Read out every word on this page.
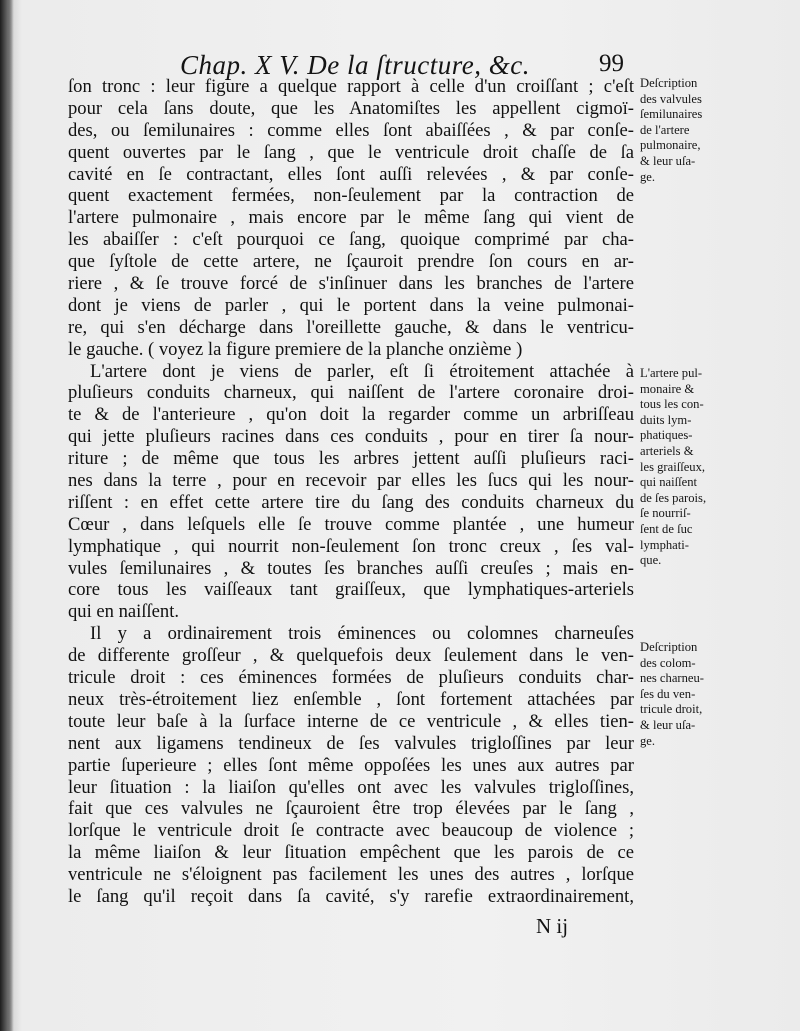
Chap. X V. De la ſtructure, &c.	99
ſon tronc : leur figure a quelque rapport à celle d'un croiſſant ; c'eſt
pour cela ſans doute, que les Anatomiſtes les appellent cigmoï-
des, ou ſemilunaires : comme elles ſont abaiſſées , & par conſe-
quent ouvertes par le ſang , que le ventricule droit chaſſe de ſa
cavité en ſe contractant, elles ſont auſſi relevées , & par conſe-
quent exactement fermées, non-ſeulement par la contraction de
l'artere pulmonaire , mais encore par le même ſang qui vient de
les abaiſſer : c'eſt pourquoi ce ſang, quoique comprimé par cha-
que ſyſtole de cette artere, ne ſçauroit prendre ſon cours en ar-
riere , & ſe trouve forcé de s'inſinuer dans les branches de l'artere
dont je viens de parler , qui le portent dans la veine pulmonai-
re, qui s'en décharge dans l'oreillette gauche, & dans le ventricu-
le gauche. ( voyez la figure premiere de la planche onzième )
L'artere dont je viens de parler, eſt ſi étroitement attachée à
pluſieurs conduits charneux, qui naiſſent de l'artere coronaire droi-
te & de l'anterieure , qu'on doit la regarder comme un arbriſſeau
qui jette pluſieurs racines dans ces conduits , pour en tirer ſa nour-
riture ; de même que tous les arbres jettent auſſi pluſieurs raci-
nes dans la terre , pour en recevoir par elles les ſucs qui les nour-
riſſent : en effet cette artere tire du ſang des conduits charneux du
Cœur , dans leſquels elle ſe trouve comme plantée , une humeur
lymphatique , qui nourrit non-ſeulement ſon tronc creux , ſes val-
vules ſemilunaires , & toutes ſes branches auſſi creuſes ; mais en-
core tous les vaiſſeaux tant graiſſeux, que lymphatiques-arteriels
qui en naiſſent.
Il y a ordinairement trois éminences ou colomnes charneuſes
de differente groſſeur , & quelquefois deux ſeulement dans le ven-
tricule droit : ces éminences formées de pluſieurs conduits char-
neux très-étroitement liez enſemble , ſont fortement attachées par
toute leur baſe à la ſurface interne de ce ventricule , & elles tien-
nent aux ligamens tendineux de ſes valvules trigloſſines par leur
partie ſuperieure ; elles ſont même oppoſées les unes aux autres par
leur ſituation : la liaiſon qu'elles ont avec les valvules trigloſſines,
fait que ces valvules ne ſçauroient être trop élevées par le ſang ,
lorſque le ventricule droit ſe contracte avec beaucoup de violence ;
la même liaiſon & leur ſituation empêchent que les parois de ce
ventricule ne s'éloignent pas facilement les unes des autres , lorſque
le ſang qu'il reçoit dans ſa cavité, s'y rarefie extraordinairement,
Deſcription
des valvules
ſemilunaires
de l'artere
pulmonaire,
& leur uſa-
ge.
L'artere pul-
monaire &
tous les con-
duits lym-
phatiques-
arteriels &
les graiſſeux,
qui naiſſent
de ſes parois,
ſe nourriſ-
ſent de ſuc
lymphati-
que.
Deſcription
des colom-
nes charneu-
ſes du ven-
tricule droit,
& leur uſa-
ge.
N ij
